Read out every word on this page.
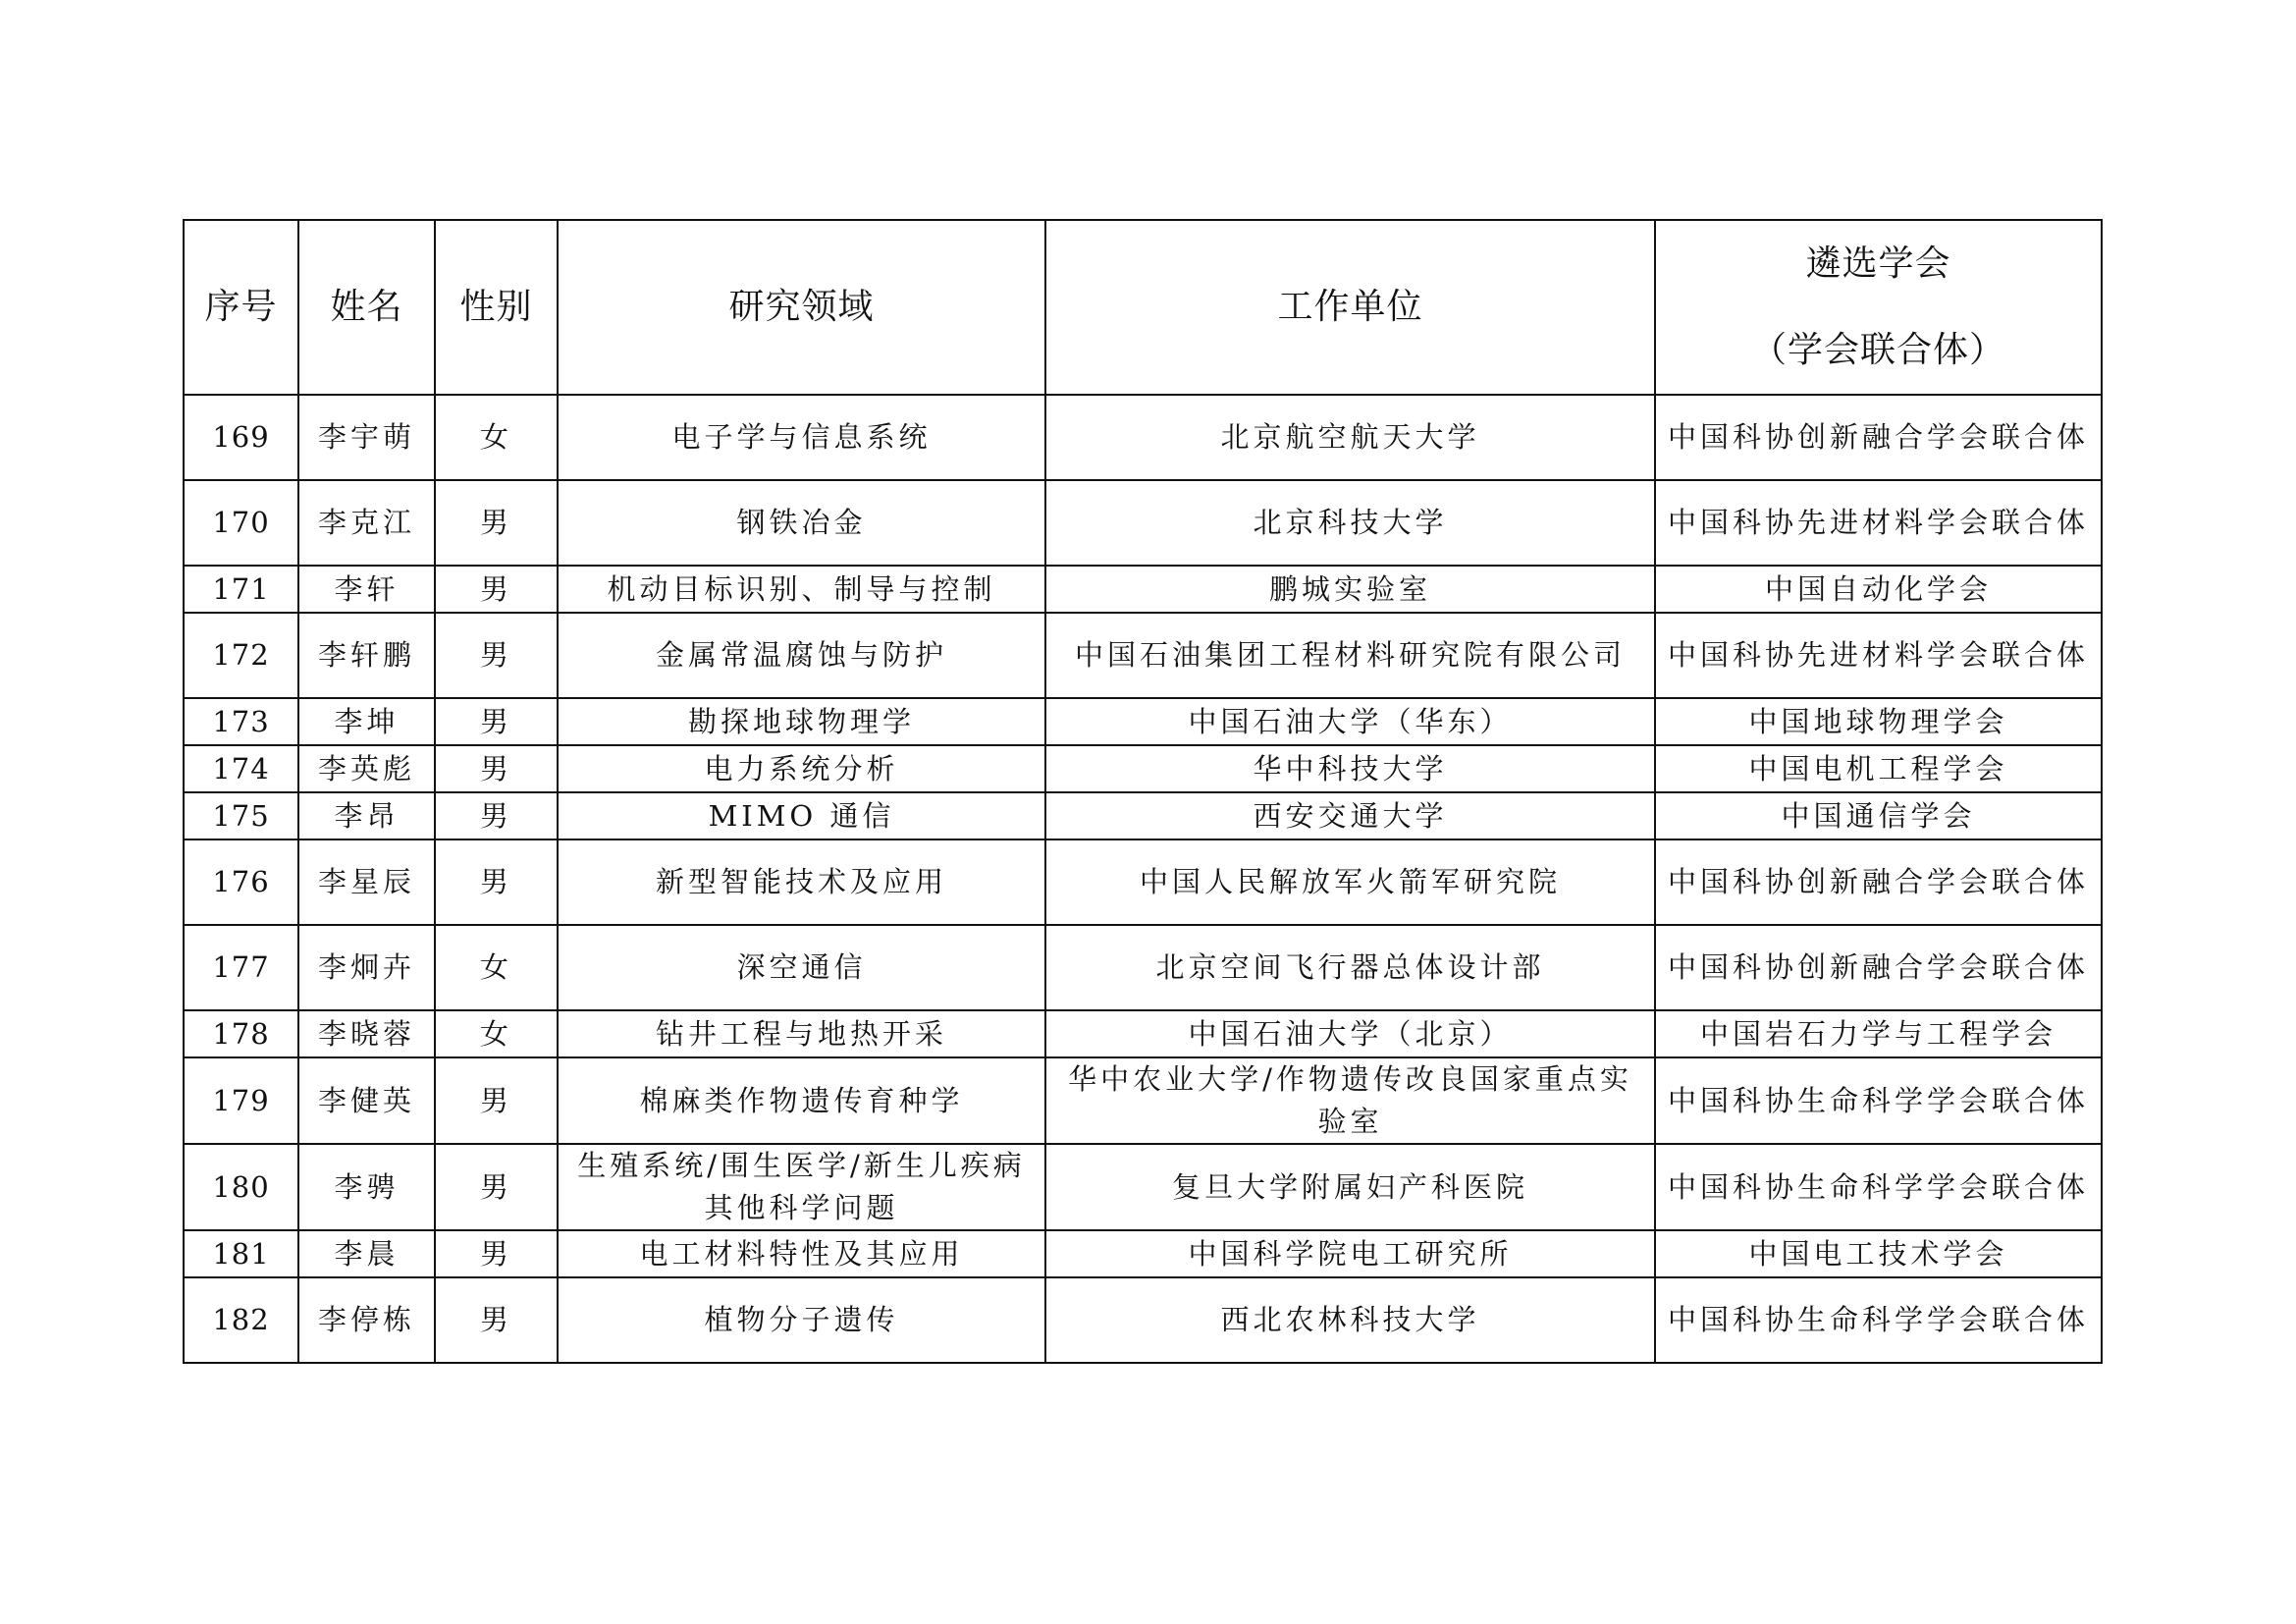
序号	姓名	性别	研究领域	工作单位	遴选学会
（学会联合体）

169	李宇萌	女	电子学与信息系统	北京航空航天大学	中国科协创新融合学会联合体
170	李克江	男	钢铁冶金	北京科技大学	中国科协先进材料学会联合体
171	李轩	男	机动目标识别、制导与控制	鹏城实验室	中国自动化学会
172	李轩鹏	男	金属常温腐蚀与防护	中国石油集团工程材料研究院有限公司	中国科协先进材料学会联合体
173	李坤	男	勘探地球物理学	中国石油大学（华东）	中国地球物理学会
174	李英彪	男	电力系统分析	华中科技大学	中国电机工程学会
175	李昂	男	MIMO 通信	西安交通大学	中国通信学会
176	李星辰	男	新型智能技术及应用	中国人民解放军火箭军研究院	中国科协创新融合学会联合体
177	李炯卉	女	深空通信	北京空间飞行器总体设计部	中国科协创新融合学会联合体
178	李晓蓉	女	钻井工程与地热开采	中国石油大学（北京）	中国岩石力学与工程学会
179	李健英	男	棉麻类作物遗传育种学	华中农业大学/作物遗传改良国家重点实验室	中国科协生命科学学会联合体
180	李骋	男	生殖系统/围生医学/新生儿疾病其他科学问题	复旦大学附属妇产科医院	中国科协生命科学学会联合体
181	李晨	男	电工材料特性及其应用	中国科学院电工研究所	中国电工技术学会
182	李停栋	男	植物分子遗传	西北农林科技大学	中国科协生命科学学会联合体
